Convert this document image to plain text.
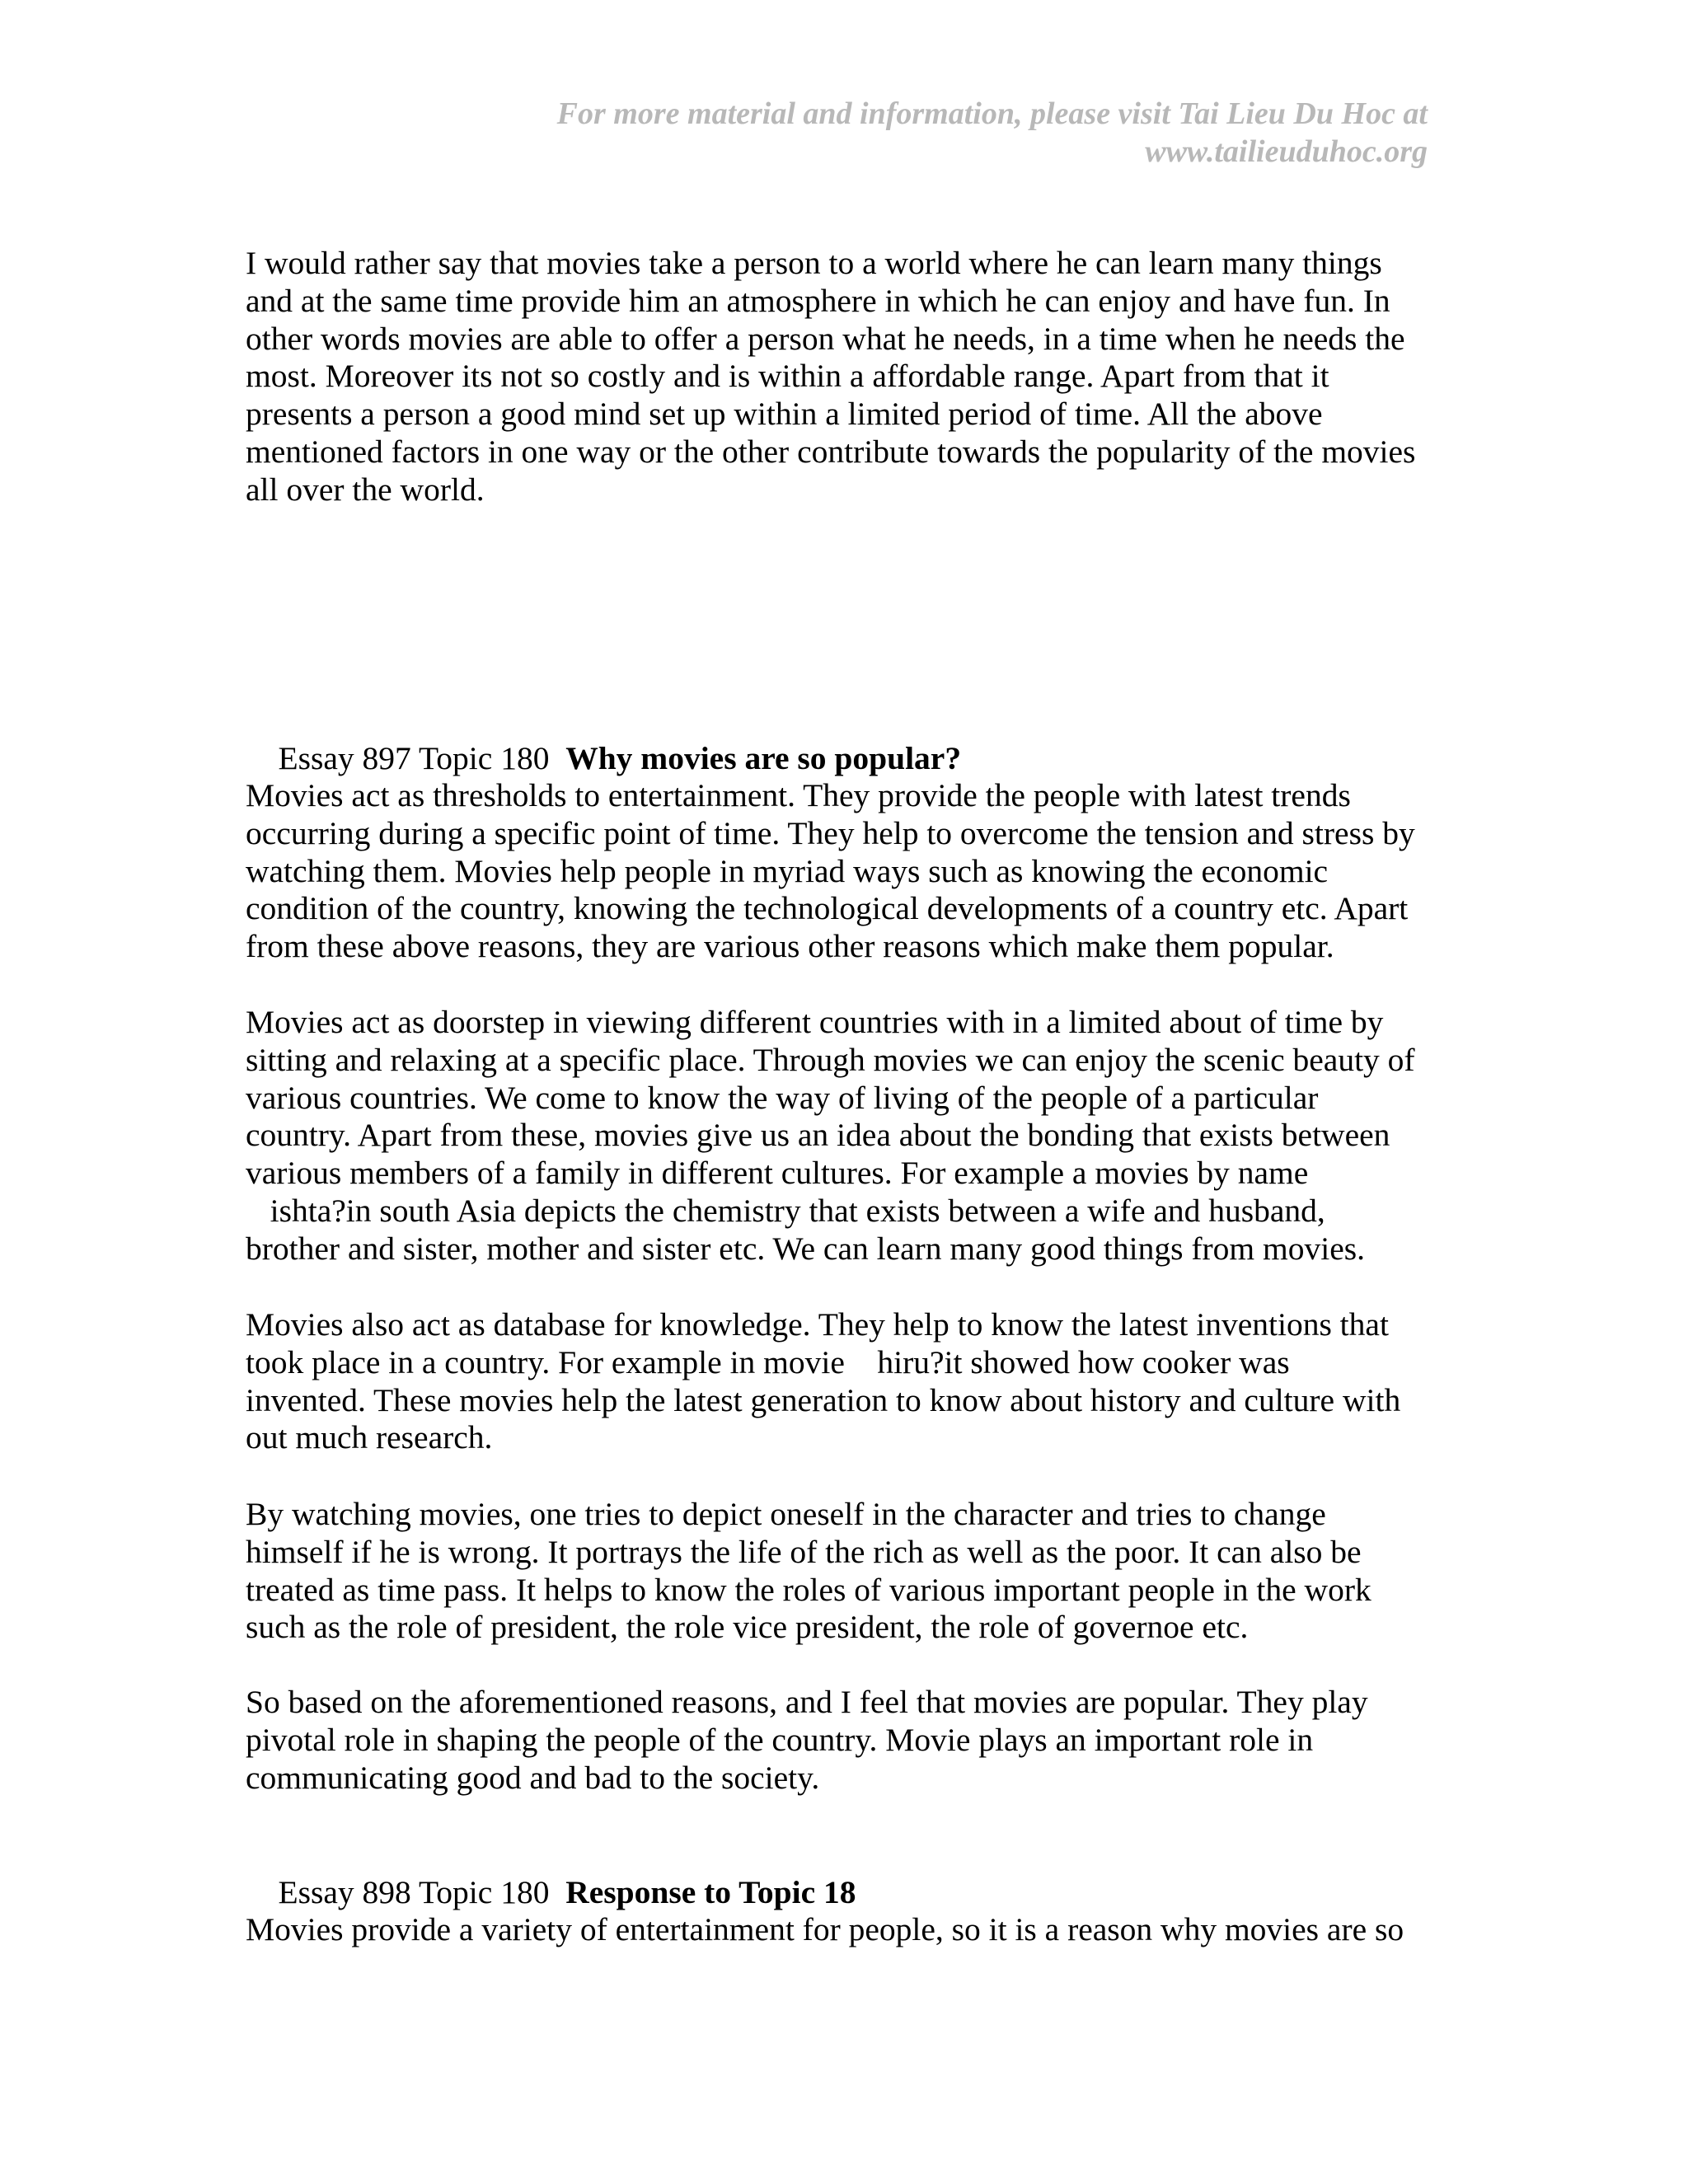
For more material and information, please visit Tai Lieu Du Hoc at
www.tailieuduhoc.org
I would rather say that movies take a person to a world where he can learn many things
and at the same time provide him an atmosphere in which he can enjoy and have fun. In
other words movies are able to offer a person what he needs, in a time when he needs the
most. Moreover its not so costly and is within a affordable range. Apart from that it
presents a person a good mind set up within a limited period of time. All the above
mentioned factors in one way or the other contribute towards the popularity of the movies
all over the world.

Essay 897 Topic 180  Why movies are so popular?

Movies act as thresholds to entertainment. They provide the people with latest trends
occurring during a specific point of time. They help to overcome the tension and stress by
watching them. Movies help people in myriad ways such as knowing the economic
condition of the country, knowing the technological developments of a country etc. Apart
from these above reasons, they are various other reasons which make them popular.
Movies act as doorstep in viewing different countries with in a limited about of time by
sitting and relaxing at a specific place. Through movies we can enjoy the scenic beauty of
various countries. We come to know the way of living of the people of a particular
country. Apart from these, movies give us an idea about the bonding that exists between
various members of a family in different cultures. For example a movies by name
ishta?in south Asia depicts the chemistry that exists between a wife and husband,
brother and sister, mother and sister etc. We can learn many good things from movies.
Movies also act as database for knowledge. They help to know the latest inventions that
took place in a country. For example in movie    hiru?it showed how cooker was
invented. These movies help the latest generation to know about history and culture with
out much research.
By watching movies, one tries to depict oneself in the character and tries to change
himself if he is wrong. It portrays the life of the rich as well as the poor. It can also be
treated as time pass. It helps to know the roles of various important people in the work
such as the role of president, the role vice president, the role of governoe etc.
So based on the aforementioned reasons, and I feel that movies are popular. They play
pivotal role in shaping the people of the country. Movie plays an important role in
communicating good and bad to the society.

Essay 898 Topic 180  Response to Topic 18

Movies provide a variety of entertainment for people, so it is a reason why movies are so
